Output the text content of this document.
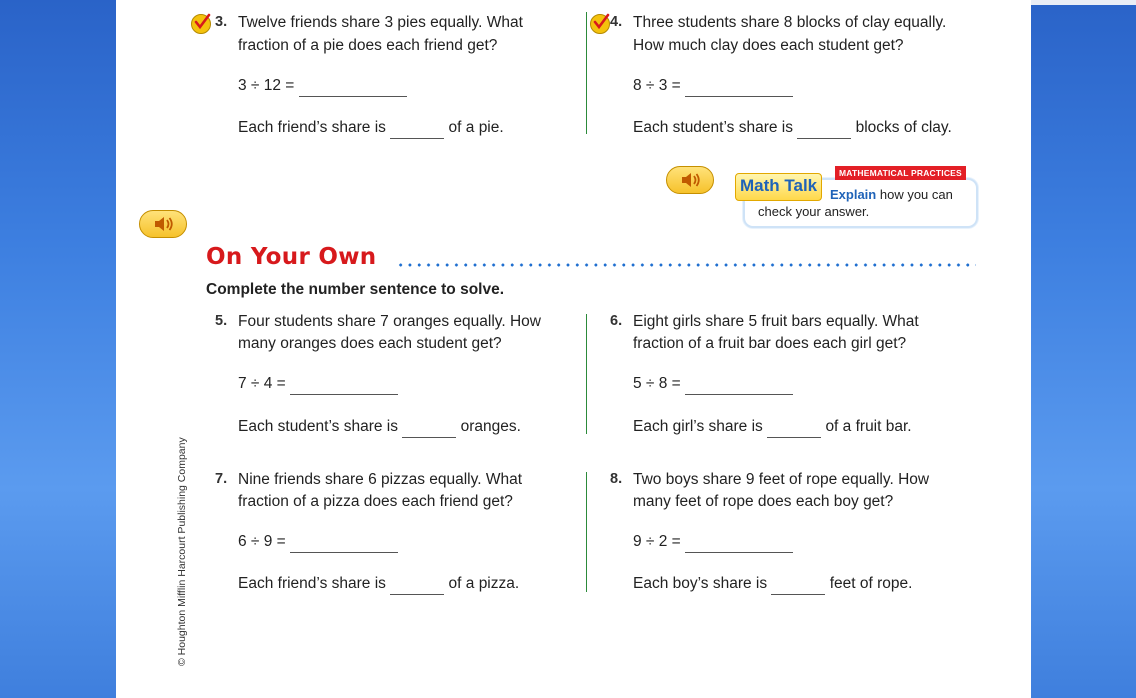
3. Twelve friends share 3 pies equally. What
fraction of a pie does each friend get?
3 ÷ 12 =
Each friend’s share is	of a pie.
4. Three students share 8 blocks of clay equally.
How much clay does each student get?
8 ÷ 3 =
Each student’s share is	blocks of clay.
Math Talk
MATHEMATICAL PRACTICES
Explain how you can check your answer.
On Your Own
Complete the number sentence to solve.
5. Four students share 7 oranges equally. How
many oranges does each student get?
7 ÷ 4 =
Each student’s share is	oranges.
6. Eight girls share 5 fruit bars equally. What
fraction of a fruit bar does each girl get?
5 ÷ 8 =
Each girl’s share is	of a fruit bar.
7. Nine friends share 6 pizzas equally. What
fraction of a pizza does each friend get?
6 ÷ 9 =
Each friend’s share is	of a pizza.
8. Two boys share 9 feet of rope equally. How
many feet of rope does each boy get?
9 ÷ 2 =
Each boy’s share is	feet of rope.
© Houghton Mifflin Harcourt Publishing Company
